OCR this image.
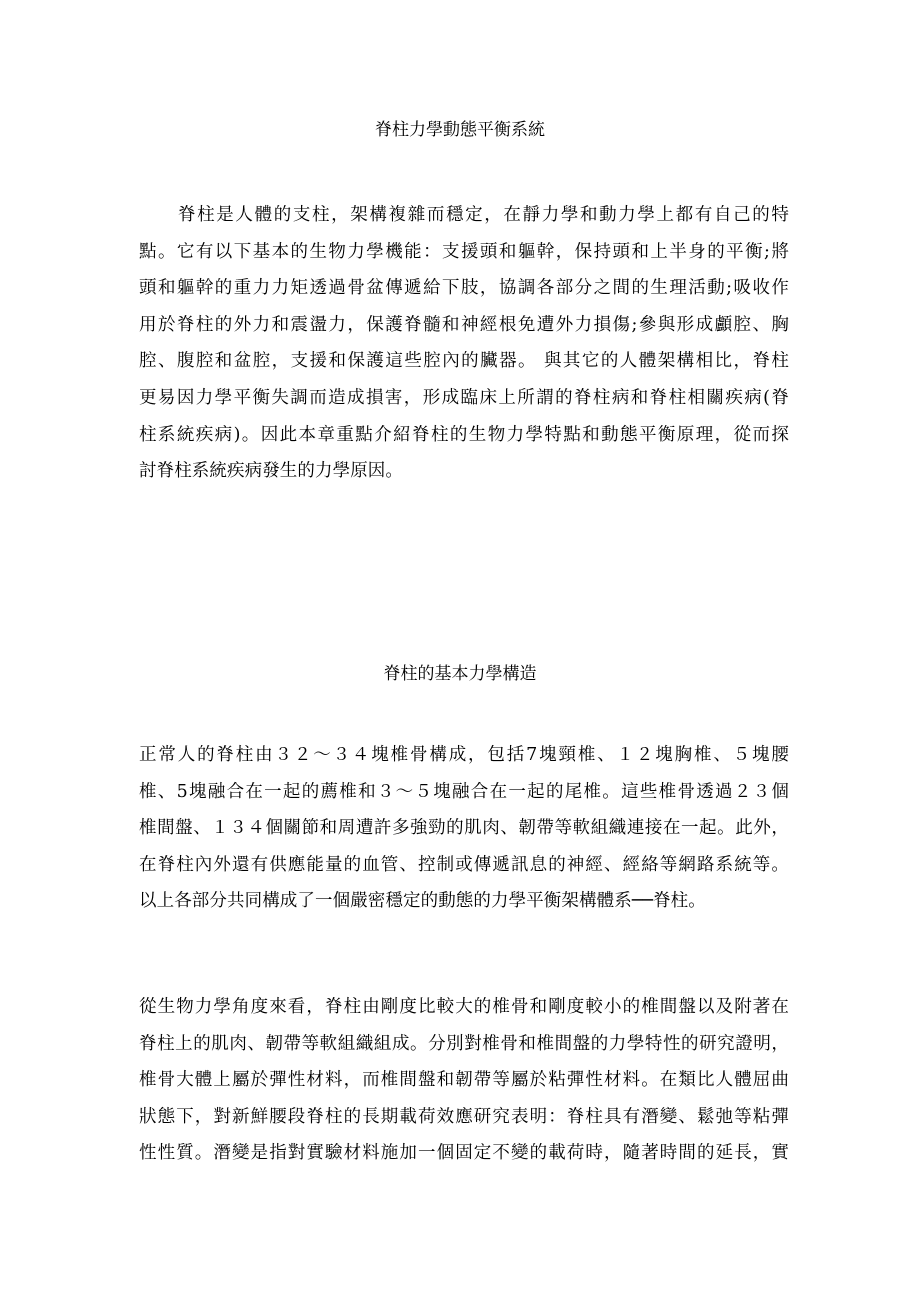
脊柱力學動態平衡系統
脊柱是人體的支柱，架構複雜而穩定，在靜力學和動力學上都有自己的特
點。它有以下基本的生物力學機能：支援頭和軀幹，保持頭和上半身的平衡;將
頭和軀幹的重力力矩透過骨盆傳遞給下肢，協調各部分之間的生理活動;吸收作
用於脊柱的外力和震盪力，保護脊髓和神經根免遭外力損傷;參與形成顱腔、胸
腔、腹腔和盆腔，支援和保護這些腔內的臟器。 與其它的人體架構相比，脊柱
更易因力學平衡失調而造成損害，形成臨床上所謂的脊柱病和脊柱相關疾病(脊
柱系統疾病)。因此本章重點介紹脊柱的生物力學特點和動態平衡原理，從而探
討脊柱系統疾病發生的力學原因。
脊柱的基本力學構造
正常人的脊柱由３２～３４塊椎骨構成，包括7塊頸椎、１２塊胸椎、５塊腰
椎、5塊融合在一起的薦椎和３～５塊融合在一起的尾椎。這些椎骨透過２３個
椎間盤、１３４個關節和周遭許多強勁的肌肉、韌帶等軟組織連接在一起。此外，
在脊柱內外還有供應能量的血管、控制或傳遞訊息的神經、經絡等網路系統等。
以上各部分共同構成了一個嚴密穩定的動態的力學平衡架構體系──脊柱。
從生物力學角度來看，脊柱由剛度比較大的椎骨和剛度較小的椎間盤以及附著在
脊柱上的肌肉、韌帶等軟組織組成。分別對椎骨和椎間盤的力學特性的研究證明，
椎骨大體上屬於彈性材料，而椎間盤和韌帶等屬於粘彈性材料。在類比人體屈曲
狀態下，對新鮮腰段脊柱的長期載荷效應研究表明：脊柱具有潛變、鬆弛等粘彈
性性質。潛變是指對實驗材料施加一個固定不變的載荷時，隨著時間的延長，實
